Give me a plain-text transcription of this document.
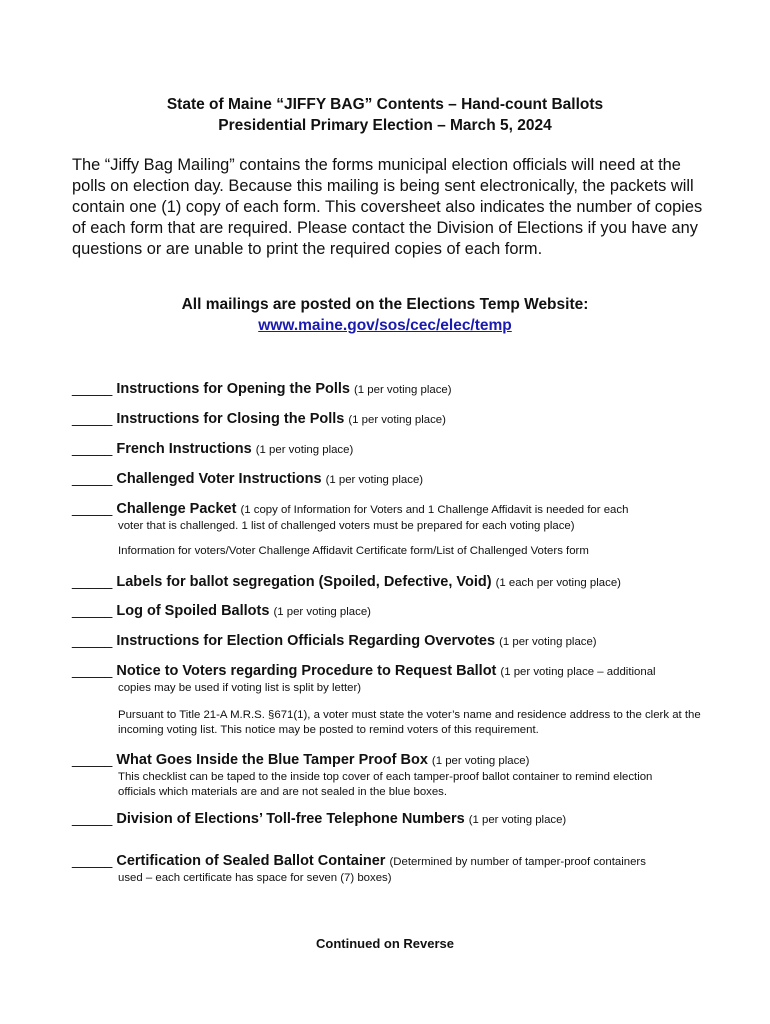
State of Maine “JIFFY BAG” Contents – Hand-count Ballots
Presidential Primary Election – March 5, 2024

The “Jiffy Bag Mailing” contains the forms municipal election officials will need at the polls on election day. Because this mailing is being sent electronically, the packets will contain one (1) copy of each form. This coversheet also indicates the number of copies of each form that are required. Please contact the Division of Elections if you have any questions or are unable to print the required copies of each form.

All mailings are posted on the Elections Temp Website:

www.maine.gov/sos/cec/elec/temp

_____ Instructions for Opening the Polls (1 per voting place)
_____ Instructions for Closing the Polls (1 per voting place)
_____ French Instructions (1 per voting place)
_____ Challenged Voter Instructions (1 per voting place)
_____ Challenge Packet (1 copy of Information for Voters and 1 Challenge Affidavit is needed for each
voter that is challenged. 1 list of challenged voters must be prepared for each voting place)

Information for voters/Voter Challenge Affidavit Certificate form/List of Challenged Voters form

_____ Labels for ballot segregation (Spoiled, Defective, Void) (1 each per voting place)
_____ Log of Spoiled Ballots (1 per voting place)
_____ Instructions for Election Officials Regarding Overvotes (1 per voting place)
_____ Notice to Voters regarding Procedure to Request Ballot (1 per voting place – additional
copies may be used if voting list is split by letter)

Pursuant to Title 21-A M.R.S. §671(1), a voter must state the voter’s name and residence address to the clerk at the incoming voting list. This notice may be posted to remind voters of this requirement.

_____ What Goes Inside the Blue Tamper Proof Box (1 per voting place)
This checklist can be taped to the inside top cover of each tamper-proof ballot container to remind election officials which materials are and are not sealed in the blue boxes.
_____ Division of Elections’ Toll-free Telephone Numbers (1 per voting place)
_____ Certification of Sealed Ballot Container (Determined by number of tamper-proof containers
used – each certificate has space for seven (7) boxes)

Continued on Reverse
